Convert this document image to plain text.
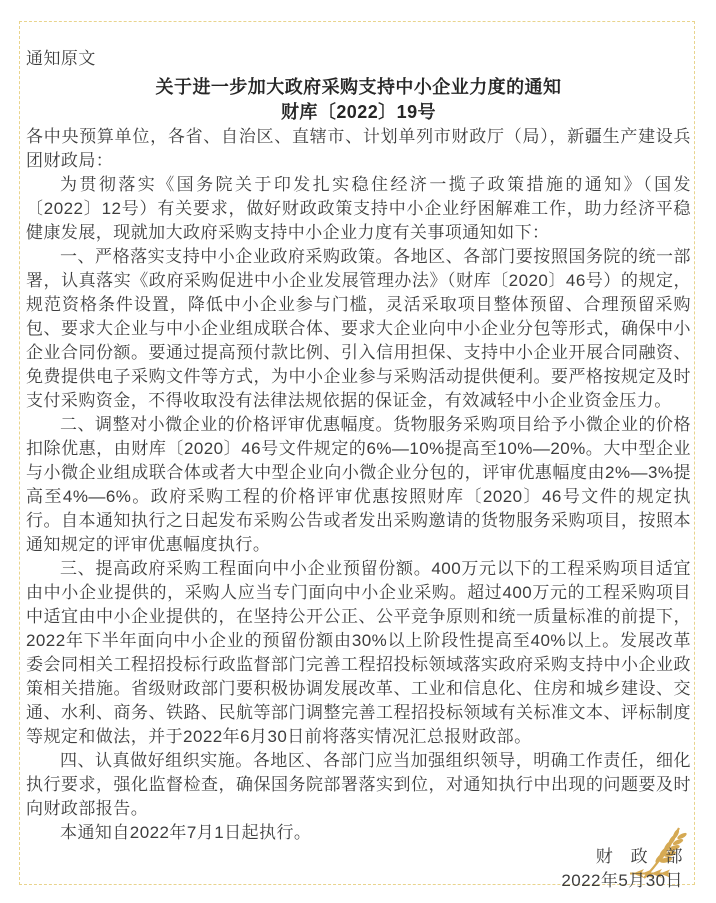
通知原文

关于进一步加大政府采购支持中小企业力度的通知
财库〔2022〕19号

各中央预算单位，各省、自治区、直辖市、计划单列市财政厅（局），新疆生产建设兵团财政局：

为贯彻落实《国务院关于印发扎实稳住经济一揽子政策措施的通知》（国发〔2022〕12号）有关要求，做好财政政策支持中小企业纾困解难工作，助力经济平稳健康发展，现就加大政府采购支持中小企业力度有关事项通知如下：

一、严格落实支持中小企业政府采购政策。各地区、各部门要按照国务院的统一部署，认真落实《政府采购促进中小企业发展管理办法》（财库〔2020〕46号）的规定，规范资格条件设置，降低中小企业参与门槛，灵活采取项目整体预留、合理预留采购包、要求大企业与中小企业组成联合体、要求大企业向中小企业分包等形式，确保中小企业合同份额。要通过提高预付款比例、引入信用担保、支持中小企业开展合同融资、免费提供电子采购文件等方式，为中小企业参与采购活动提供便利。要严格按规定及时支付采购资金，不得收取没有法律法规依据的保证金，有效减轻中小企业资金压力。

二、调整对小微企业的价格评审优惠幅度。货物服务采购项目给予小微企业的价格扣除优惠，由财库〔2020〕46号文件规定的6%—10%提高至10%—20%。大中型企业与小微企业组成联合体或者大中型企业向小微企业分包的，评审优惠幅度由2%—3%提高至4%—6%。政府采购工程的价格评审优惠按照财库〔2020〕46号文件的规定执行。自本通知执行之日起发布采购公告或者发出采购邀请的货物服务采购项目，按照本通知规定的评审优惠幅度执行。

三、提高政府采购工程面向中小企业预留份额。400万元以下的工程采购项目适宜由中小企业提供的，采购人应当专门面向中小企业采购。超过400万元的工程采购项目中适宜由中小企业提供的，在坚持公开公正、公平竞争原则和统一质量标准的前提下，2022年下半年面向中小企业的预留份额由30%以上阶段性提高至40%以上。发展改革委会同相关工程招投标行政监督部门完善工程招投标领域落实政府采购支持中小企业政策相关措施。省级财政部门要积极协调发展改革、工业和信息化、住房和城乡建设、交通、水利、商务、铁路、民航等部门调整完善工程招投标领域有关标准文本、评标制度等规定和做法，并于2022年6月30日前将落实情况汇总报财政部。

四、认真做好组织实施。各地区、各部门应当加强组织领导，明确工作责任，细化执行要求，强化监督检查，确保国务院部署落实到位，对通知执行中出现的问题要及时向财政部报告。

本通知自2022年7月1日起执行。

财　政　部

2022年5月30日
